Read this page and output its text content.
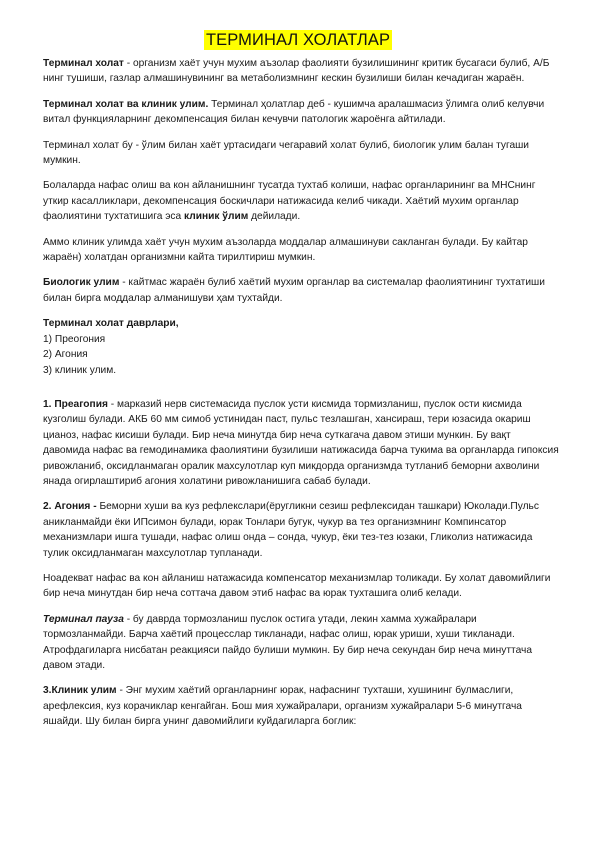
ТЕРМИНАЛ ХОЛАТЛАР

Терминал холат - организм хаёт учун мухим аъзолар фаолияти бузилишининг критик бусагаси булиб, А/Б нинг тушиши, газлар алмашинувининг ва метаболизмнинг кескин бузилиши билан кечадиган жараён.

Терминал холат ва клиник улим. Терминал ҳолатлар деб - кушимча аралашмасиз ўлимга олиб келувчи витал функцияларнинг декомпенсация билан кечувчи патологик жароёнга айтилади.

Терминал холат бу - ўлим билан хаёт уртасидаги чегаравий холат булиб, биологик улим балан тугаши мумкин.

Болаларда нафас олиш ва кон айланишнинг тусатда тухтаб колиши, нафас органларининг ва МНСнинг уткир касалликлари, декомпенсация боскичлари натижасида келиб чикади. Хаётий мухим органлар фаолиятини тухтатишига эса клиник ўлим дейилади.

Аммо клиник улимда хаёт учун мухим аъзоларда моддалар алмашинуви сакланган булади. Бу кайтар жараён) холатдан организмни кайта тирилтириш мумкин.

Биологик улим - кайтмас жараён булиб хаётий мухим органлар ва системалар фаолиятининг тухтатиши билан бирга моддалар алманишуви ҳам тухтайди.

Терминал холат даврлари,
1) Преогония
2) Агония
3) клиник улим.

1. Преагопия - марказий нерв системасида пуслок усти кисмида тормизланиш, пуслок ости кисмида кузголиш булади. АКБ 60 мм симоб устинидан паст, пульс тезлашган, хансираш, тери юзасида окариш цианоз, нафас кисиши булади. Бир неча минутда бир неча суткагача давом этиши мункин. Бу вақт давомида нафас ва гемодинамика фаолиятини бузилиши натижасида барча тукима ва органларда гипоксия ривожланиб, оксидланмаган оралик махсулотлар куп микдорда организмда тутланиб беморни ахволини янада огирлаштириб агония холатини ривожланишига сабаб булади.

2. Агония - Беморни хуши ва куз рефлекслари(ёругликни сезиш рефлексидан ташкари) Юколади.Пульс аникланмайди ёки ИПсимон булади, юрак Тонлари бугук, чукур ва тез организмнинг Компинсатор механизмлари ишга тушади, нафас олиш онда – сонда, чукур, ёки тез-тез юзаки, Гликолиз натижасида тулик оксидланмаган махсулотлар тупланади.

Ноадекват нафас ва кон айланиш натажасида компенсатор механизмлар толикади. Бу холат давомийлиги бир неча минутдан бир неча соттача давом этиб нафас ва юрак тухташига олиб келади.

Терминал пауза - бу даврда тормозланиш пуслок остига утади, лекин хамма хужайралари тормозланмайди. Барча хаётий процесслар тикланади, нафас олиш, юрак уриши, хуши тикланади. Атрофдагиларга нисбатан реакцияси пайдо булиши мумкин. Бу бир неча секундан бир неча минуттача давом этади.

3.Клиник улим - Энг мухим хаётий органларнинг юрак, нафаснинг тухташи, хушининг булмаслиги, арефлексия, куз корачиклар кенгайган. Бош мия хужайралари, организм хужайралари 5-6 минутгача яшайди. Шу билан бирга унинг давомийлиги куйдагиларга боглик:
